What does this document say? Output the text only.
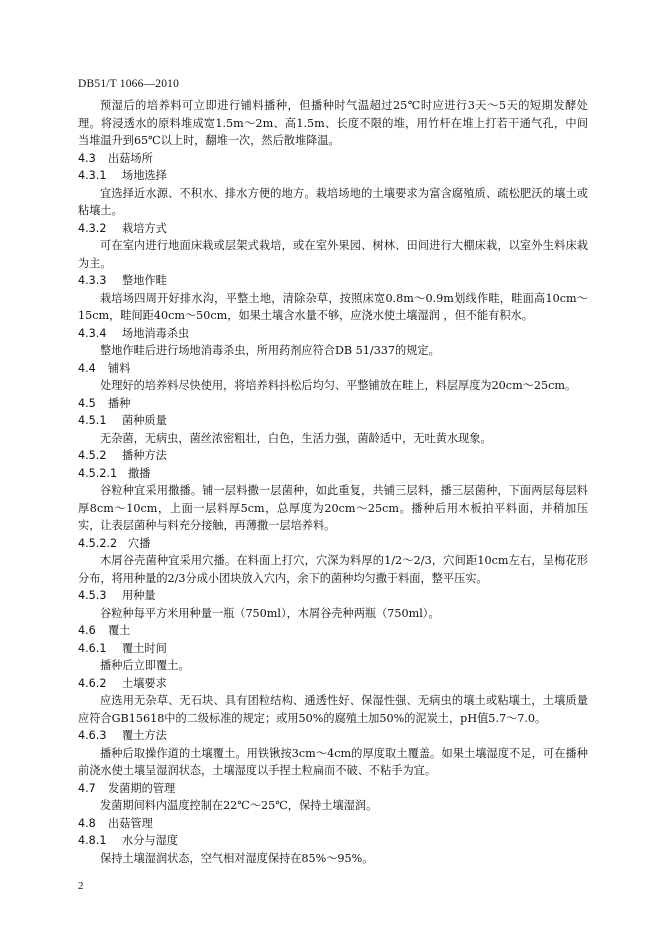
DB51/T 1066—2010

预湿后的培养料可立即进行铺料播种，但播种时气温超过25℃时应进行3天～5天的短期发酵处理。将浸透水的原料堆成宽1.5m～2m、高1.5m、长度不限的堆，用竹杆在堆上打若干通气孔，中间当堆温升到65℃以上时，翻堆一次，然后散堆降温。

4.3 出菇场所
4.3.1 场地选择

宜选择近水源、不积水、排水方便的地方。栽培场地的土壤要求为富含腐殖质、疏松肥沃的壤土或粘壤土。

4.3.2 栽培方式

可在室内进行地面床栽或层架式栽培，或在室外果园、树林、田间进行大棚床栽，以室外生料床栽为主。

4.3.3 整地作畦

栽培场四周开好排水沟，平整土地，清除杂草，按照床宽0.8m～0.9m划线作畦，畦面高10cm～15cm，畦间距40cm～50cm，如果土壤含水量不够，应浇水使土壤湿润 ，但不能有积水。

4.3.4 场地消毒杀虫

整地作畦后进行场地消毒杀虫，所用药剂应符合DB 51/337的规定。

4.4 铺料

处理好的培养料尽快使用，将培养料抖松后均匀、平整铺放在畦上，料层厚度为20cm～25cm。

4.5 播种
4.5.1 菌种质量

无杂菌，无病虫，菌丝浓密粗壮，白色，生活力强，菌龄适中，无吐黄水现象。

4.5.2 播种方法
4.5.2.1 撒播

谷粒种宜采用撒播。铺一层料撒一层菌种，如此重复，共铺三层料，播三层菌种，下面两层每层料厚8cm～10cm，上面一层料厚5cm，总厚度为20cm～25cm。播种后用木板拍平料面，并稍加压实，让表层菌种与料充分接触，再薄撒一层培养料。

4.5.2.2 穴播

木屑谷壳菌种宜采用穴播。在料面上打穴，穴深为料厚的1/2～2/3，穴间距10cm左右，呈梅花形分布，将用种量的2/3分成小团块放入穴内，余下的菌种均匀撒于料面，整平压实。

4.5.3 用种量

谷粒种每平方米用种量一瓶（750ml），木屑谷壳种两瓶（750ml）。

4.6 覆土
4.6.1 覆土时间

播种后立即覆土。

4.6.2 土壤要求

应选用无杂草、无石块、具有团粒结构、通透性好、保湿性强、无病虫的壤土或粘壤土，土壤质量应符合GB15618中的二级标准的规定；或用50%的腐殖土加50%的泥炭土，pH值5.7～7.0。

4.6.3 覆土方法

播种后取操作道的土壤覆土。用铁锹按3cm～4cm的厚度取土覆盖。如果土壤湿度不足，可在播种前浇水使土壤呈湿润状态，土壤湿度以手捏土粒扁而不破、不粘手为宜。

4.7 发菌期的管理

发菌期间料内温度控制在22℃～25℃，保持土壤湿润。

4.8 出菇管理
4.8.1 水分与湿度

保持土壤湿润状态，空气相对湿度保持在85%～95%。

2
